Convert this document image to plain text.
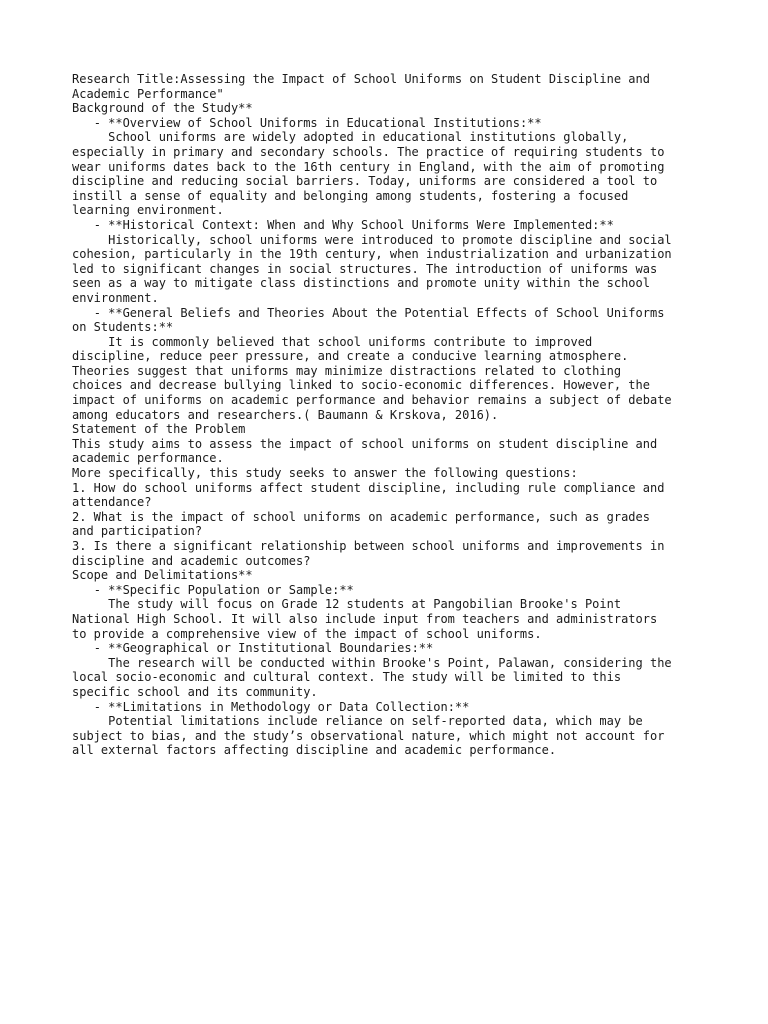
Research Title:Assessing the Impact of School Uniforms on Student Discipline and
Academic Performance"
Background of the Study**
- **Overview of School Uniforms in Educational Institutions:**
School uniforms are widely adopted in educational institutions globally,
especially in primary and secondary schools. The practice of requiring students to
wear uniforms dates back to the 16th century in England, with the aim of promoting
discipline and reducing social barriers. Today, uniforms are considered a tool to
instill a sense of equality and belonging among students, fostering a focused
learning environment.
- **Historical Context: When and Why School Uniforms Were Implemented:**
Historically, school uniforms were introduced to promote discipline and social
cohesion, particularly in the 19th century, when industrialization and urbanization
led to significant changes in social structures. The introduction of uniforms was
seen as a way to mitigate class distinctions and promote unity within the school
environment.
- **General Beliefs and Theories About the Potential Effects of School Uniforms
on Students:**
It is commonly believed that school uniforms contribute to improved
discipline, reduce peer pressure, and create a conducive learning atmosphere.
Theories suggest that uniforms may minimize distractions related to clothing
choices and decrease bullying linked to socio-economic differences. However, the
impact of uniforms on academic performance and behavior remains a subject of debate
among educators and researchers.( Baumann & Krskova, 2016).
Statement of the Problem
This study aims to assess the impact of school uniforms on student discipline and
academic performance.
More specifically, this study seeks to answer the following questions:
1. How do school uniforms affect student discipline, including rule compliance and
attendance?
2. What is the impact of school uniforms on academic performance, such as grades
and participation?
3. Is there a significant relationship between school uniforms and improvements in
discipline and academic outcomes?
Scope and Delimitations**
- **Specific Population or Sample:**
The study will focus on Grade 12 students at Pangobilian Brooke's Point
National High School. It will also include input from teachers and administrators
to provide a comprehensive view of the impact of school uniforms.
- **Geographical or Institutional Boundaries:**
The research will be conducted within Brooke's Point, Palawan, considering the
local socio-economic and cultural context. The study will be limited to this
specific school and its community.
- **Limitations in Methodology or Data Collection:**
Potential limitations include reliance on self-reported data, which may be
subject to bias, and the study’s observational nature, which might not account for
all external factors affecting discipline and academic performance.
